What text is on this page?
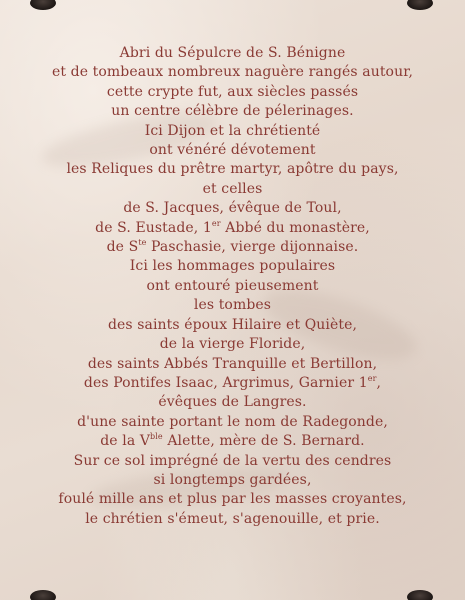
Abri du Sépulcre de S. Bénigne
et de tombeaux nombreux naguère rangés autour,
cette crypte fut, aux siècles passés
un centre célèbre de pélerinages.
Ici Dijon et la chrétienté
ont vénéré dévotement
les Reliques du prêtre martyr, apôtre du pays,
et celles
de S. Jacques, évêque de Toul,
de S. Eustade, 1er Abbé du monastère,
de $S^{te}$ Paschasie, vierge dijonnaise.
Ici les hommages populaires
ont entouré pieusement
les tombes
des saints époux Hilaire et Quiète,
de la vierge Floride,
des saints Abbés Tranquille et Bertillon,
des Pontifes Isaac, Argrimus, Garnier 1er,
évêques de Langres.
d'une sainte portant le nom de Radegonde,
de la $V^{ble}$ Alette, mère de S. Bernard.
Sur ce sol imprégné de la vertu des cendres
si longtemps gardées,
foulé mille ans et plus par les masses croyantes,
le chrétien s'émeut, s'agenouille, et prie.
